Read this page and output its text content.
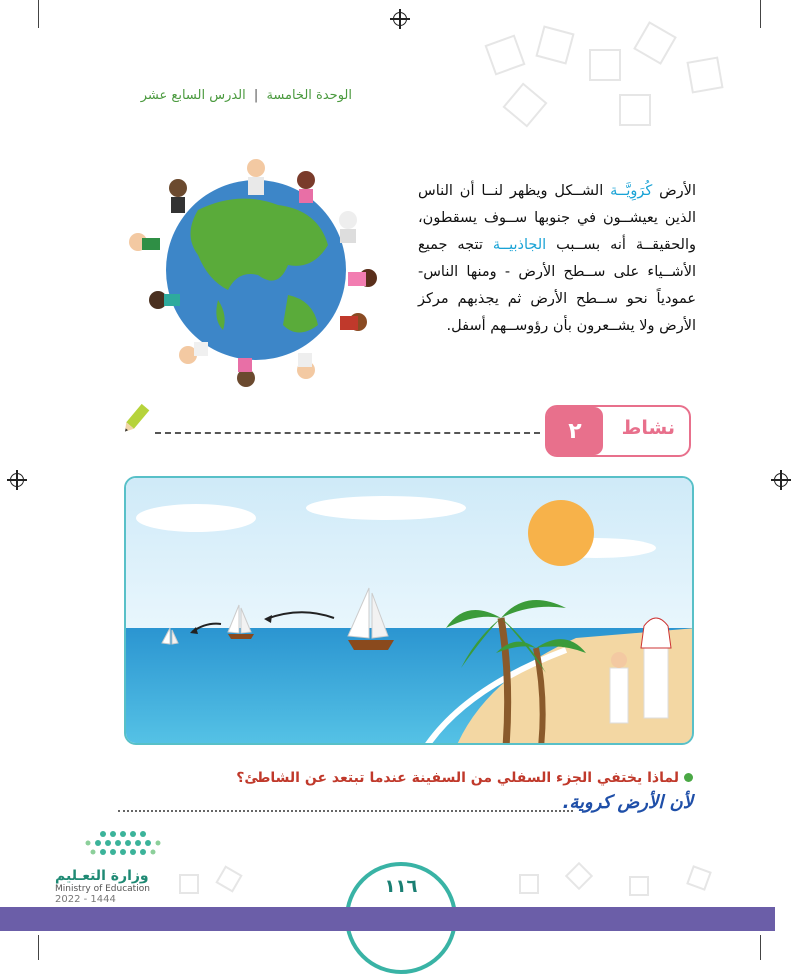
الوحدة الخامسة | الدرس السابع عشر
الأرض كُرَوِيَّــة الشــكل ويظهر لنــا أن الناس الذين يعيشــون في جنوبها ســوف يسقطون، والحقيقــة أنه بســبب الجاذبيــة تتجه جميع الأشــياء على ســطح الأرض - ومنها الناس- عمودياً نحو ســطح الأرض ثم يجذبهم مركز الأرض ولا يشــعرون بأن رؤوســهم أسفل.
٢	نشاط
لماذا يختفي الجزء السفلي من السفينة عندما تبتعد عن الشاطئ؟
لأن الأرض كروية.
وزارة التعـليم
Ministry of Education
2022 - 1444
١١٦
